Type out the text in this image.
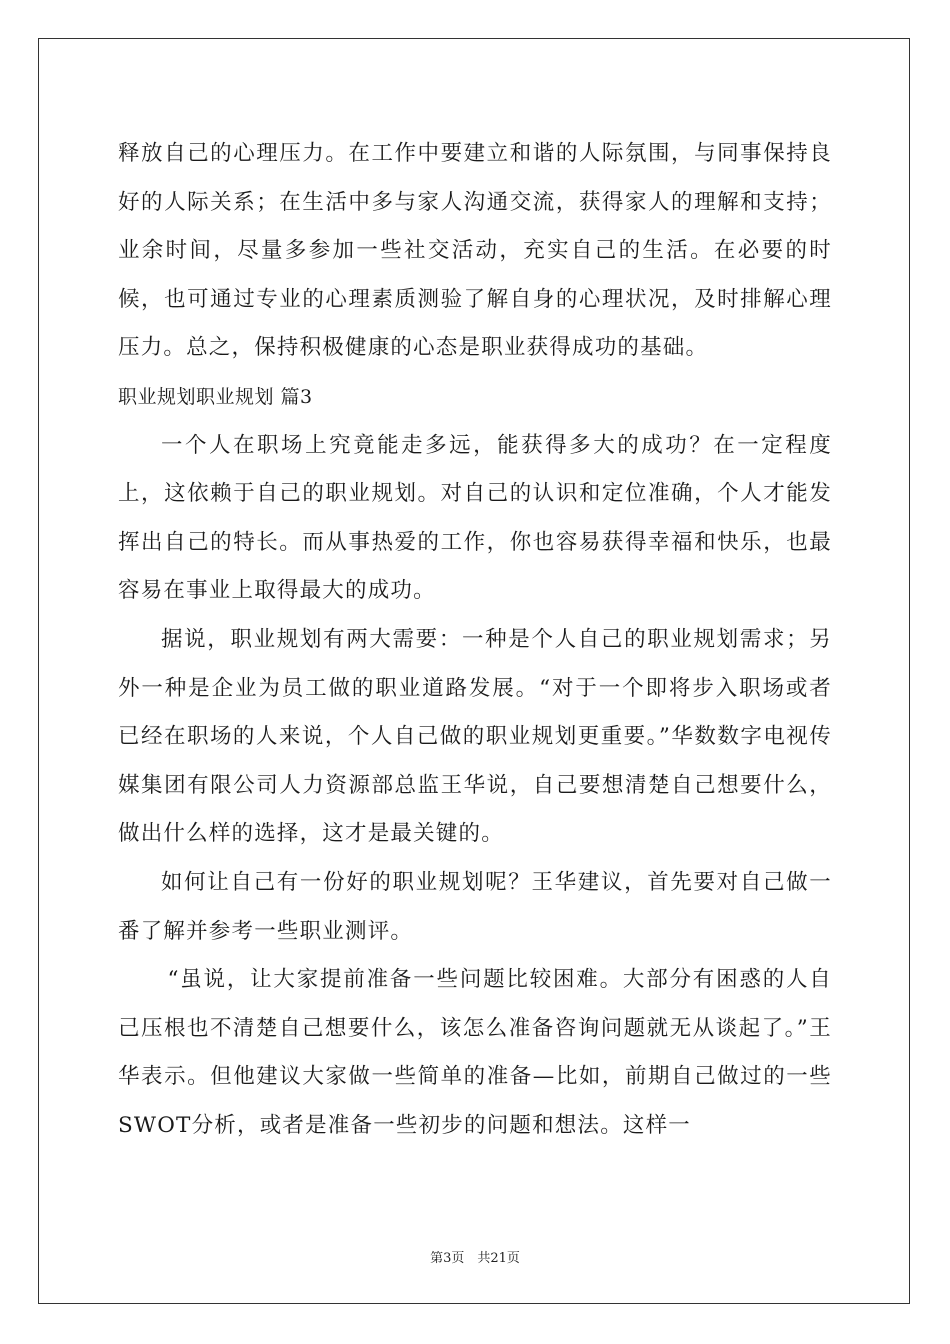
释放自己的心理压力。在工作中要建立和谐的人际氛围，与同事保持良好的人际关系；在生活中多与家人沟通交流，获得家人的理解和支持；业余时间，尽量多参加一些社交活动，充实自己的生活。在必要的时候，也可通过专业的心理素质测验了解自身的心理状况，及时排解心理压力。总之，保持积极健康的心态是职业获得成功的基础。

职业规划职业规划 篇3

一个人在职场上究竟能走多远，能获得多大的成功？在一定程度上，这依赖于自己的职业规划。对自己的认识和定位准确，个人才能发挥出自己的特长。而从事热爱的工作，你也容易获得幸福和快乐，也最容易在事业上取得最大的成功。

据说，职业规划有两大需要：一种是个人自己的职业规划需求；另外一种是企业为员工做的职业道路发展。“对于一个即将步入职场或者已经在职场的人来说，个人自己做的职业规划更重要。”华数数字电视传媒集团有限公司人力资源部总监王华说，自己要想清楚自己想要什么，做出什么样的选择，这才是最关键的。

如何让自己有一份好的职业规划呢？王华建议，首先要对自己做一番了解并参考一些职业测评。

“虽说，让大家提前准备一些问题比较困难。大部分有困惑的人自己压根也不清楚自己想要什么，该怎么准备咨询问题就无从谈起了。”王华表示。但他建议大家做一些简单的准备—比如，前期自己做过的一些SWOT分析，或者是准备一些初步的问题和想法。这样一

第3页　共21页
